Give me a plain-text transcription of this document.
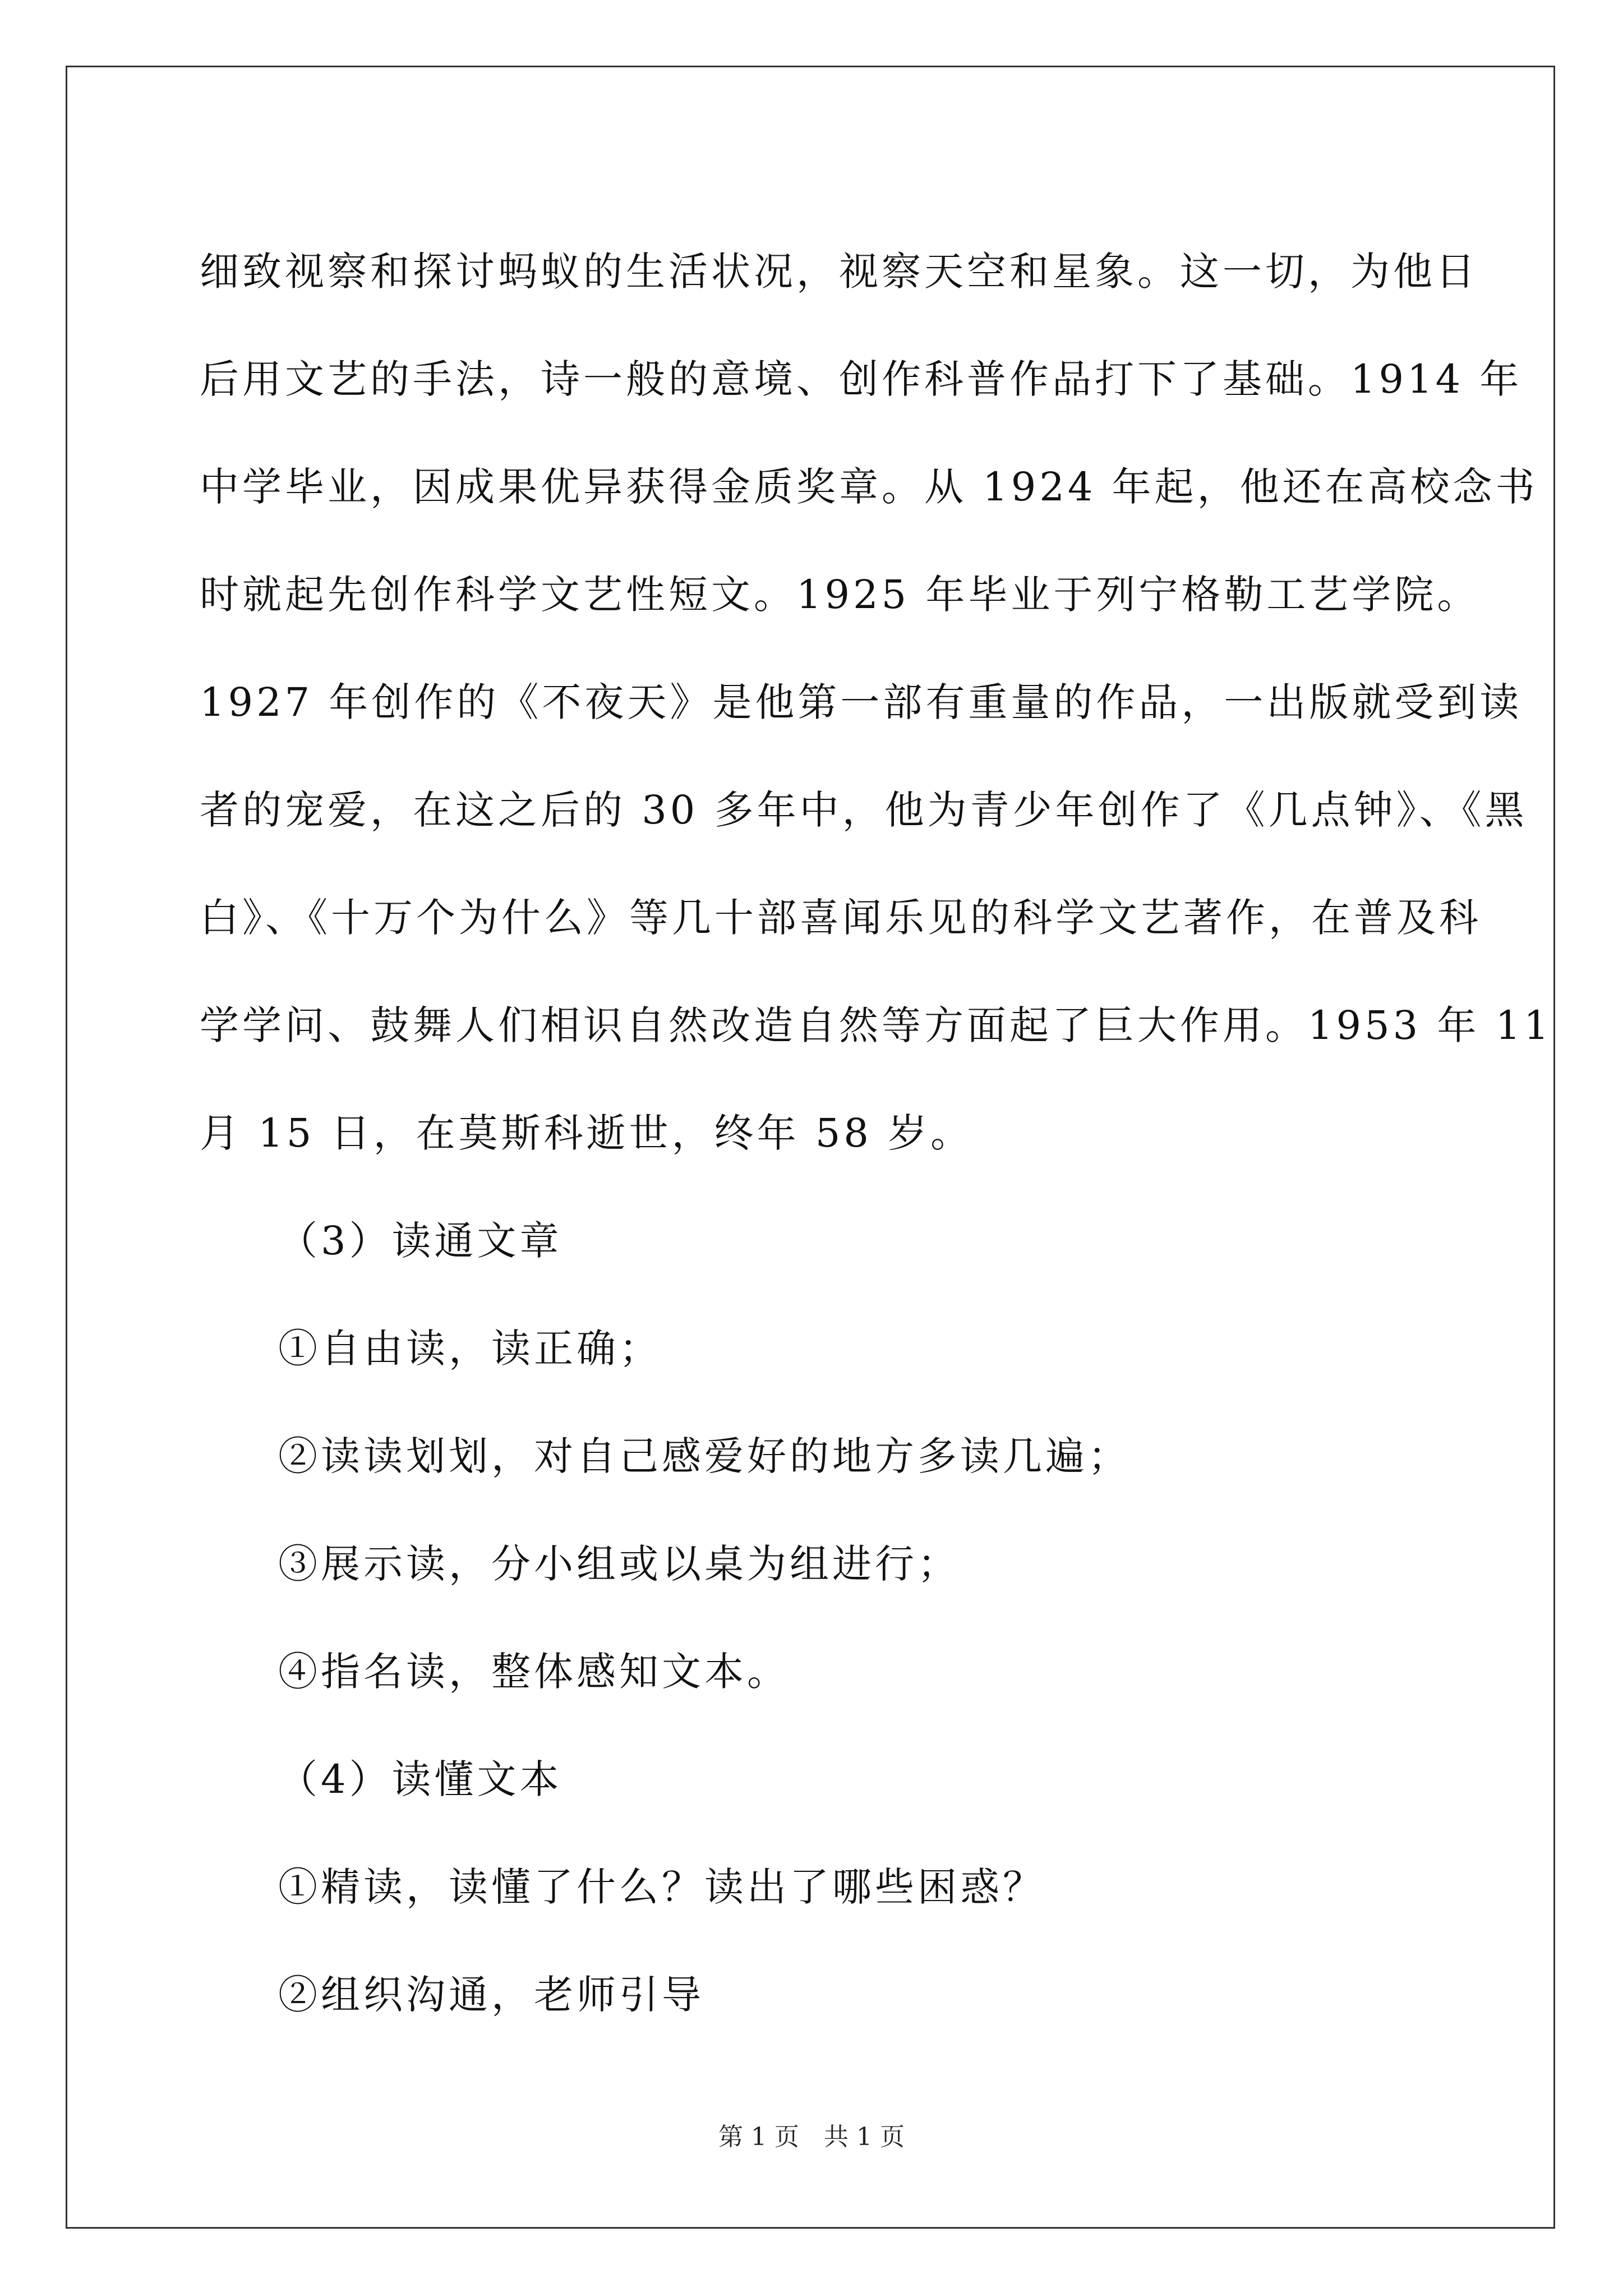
细致视察和探讨蚂蚁的生活状况，视察天空和星象。这一切，为他日

后用文艺的手法，诗一般的意境、创作科普作品打下了基础。1914 年

中学毕业，因成果优异获得金质奖章。从 1924 年起，他还在高校念书

时就起先创作科学文艺性短文。1925 年毕业于列宁格勒工艺学院。

1927 年创作的《不夜天》是他第一部有重量的作品，一出版就受到读

者的宠爱，在这之后的 30 多年中，他为青少年创作了《几点钟》、《黑

白》、《十万个为什么》等几十部喜闻乐见的科学文艺著作，在普及科

学学问、鼓舞人们相识自然改造自然等方面起了巨大作用。1953 年 11

月 15 日，在莫斯科逝世，终年 58 岁。

（3）读通文章

①自由读，读正确；

②读读划划，对自己感爱好的地方多读几遍；

③展示读，分小组或以桌为组进行；

④指名读，整体感知文本。

（4）读懂文本

①精读，读懂了什么？读出了哪些困惑？

②组织沟通，老师引导

第 1 页　共 1 页
